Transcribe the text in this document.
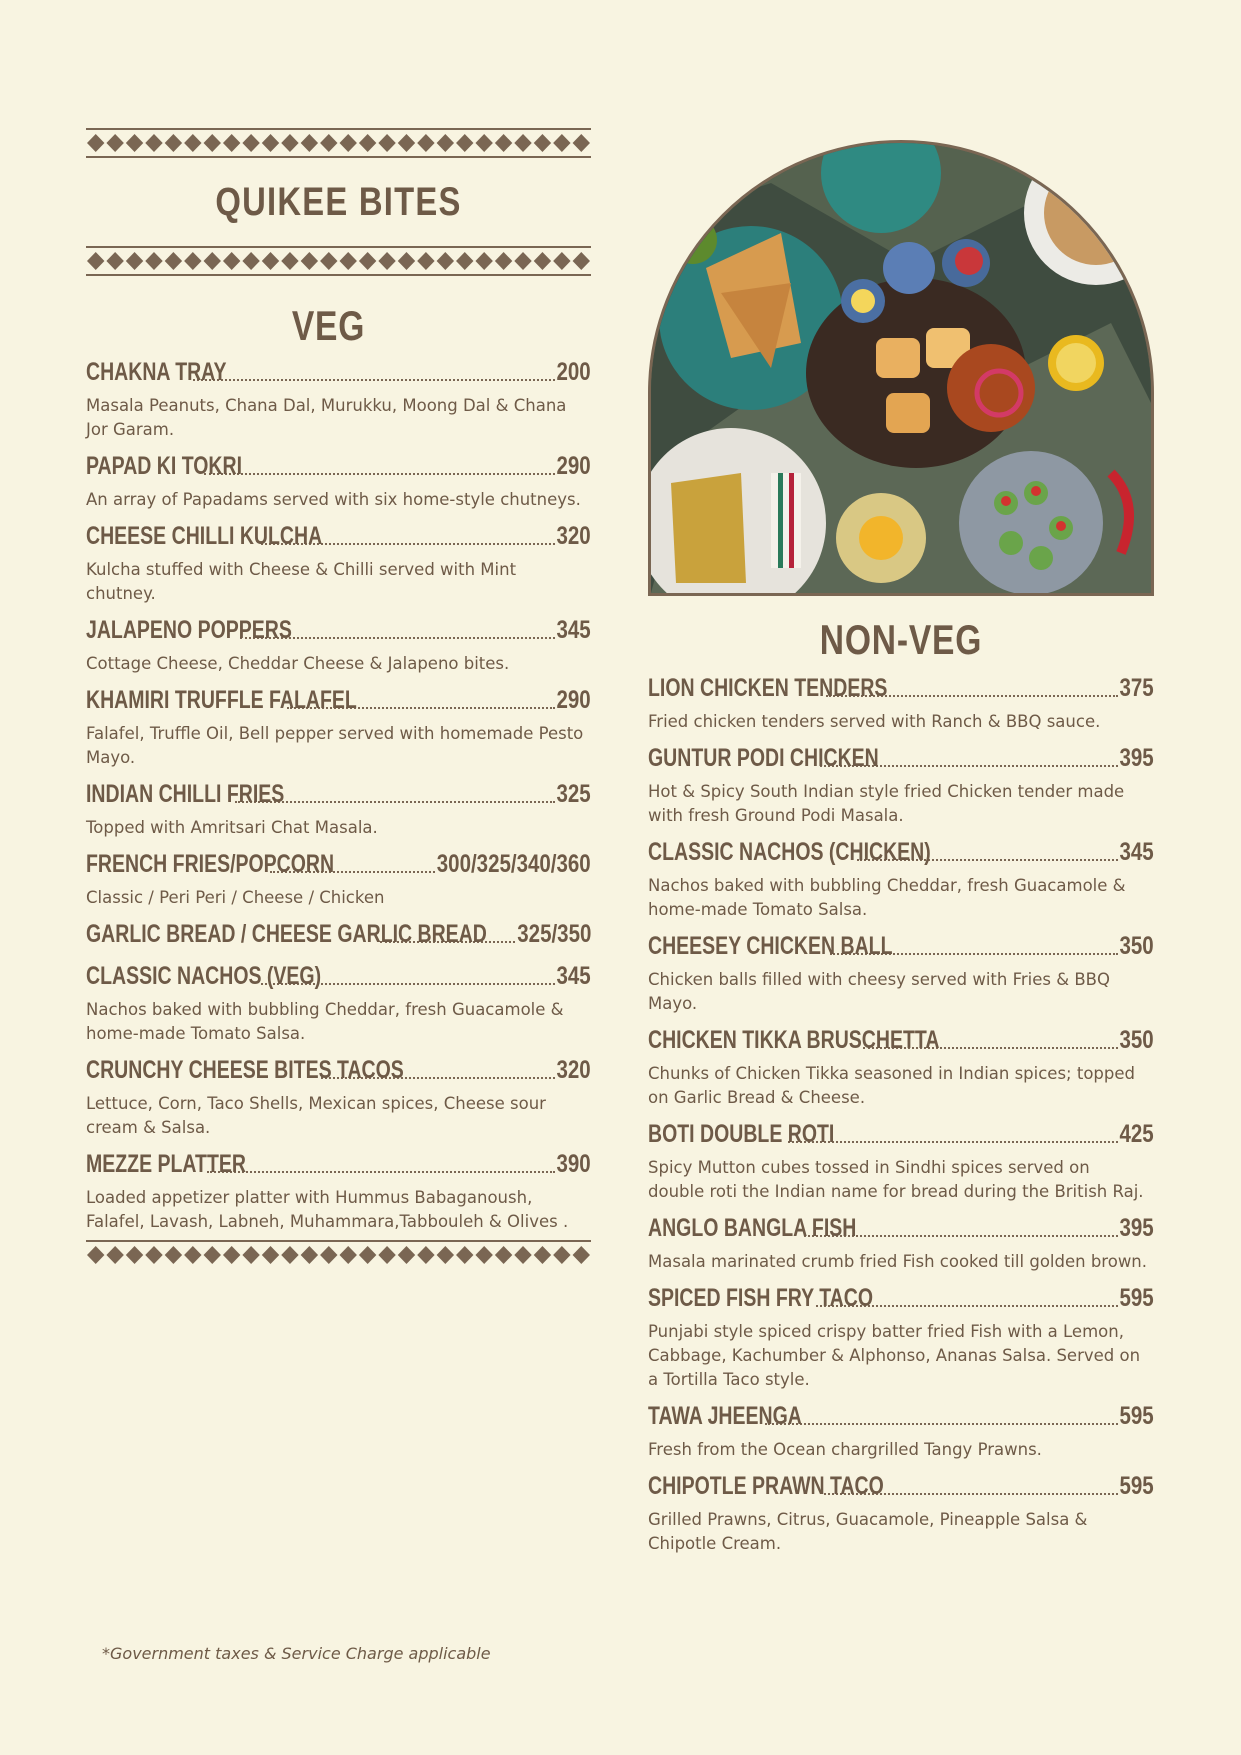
QUIKEE BITES
VEG
CHAKNA TRAY	200
Masala Peanuts, Chana Dal, Murukku, Moong Dal & Chana Jor Garam.
PAPAD KI TOKRI	290
An array of Papadams served with six home-style chutneys.
CHEESE CHILLI KULCHA	320
Kulcha stuffed with Cheese & Chilli served with Mint chutney.
JALAPENO POPPERS	345
Cottage Cheese, Cheddar Cheese & Jalapeno bites.
KHAMIRI TRUFFLE FALAFEL	290
Falafel, Truffle Oil, Bell pepper served with homemade Pesto Mayo.
INDIAN CHILLI FRIES	325
Topped with Amritsari Chat Masala.
FRENCH FRIES/POPCORN	300/325/340/360
Classic / Peri Peri / Cheese / Chicken
GARLIC BREAD / CHEESE GARLIC BREAD 325/350
CLASSIC NACHOS (VEG)	345
Nachos baked with bubbling Cheddar, fresh Guacamole & home-made Tomato Salsa.
CRUNCHY CHEESE BITES TACOS	320
Lettuce, Corn, Taco Shells, Mexican spices, Cheese sour cream & Salsa.
MEZZE PLATTER	390
Loaded appetizer platter with Hummus Babaganoush, Falafel, Lavash, Labneh, Muhammara,Tabbouleh & Olives .
NON-VEG
LION CHICKEN TENDERS	375
Fried chicken tenders served with Ranch & BBQ sauce.
GUNTUR PODI CHICKEN	395
Hot & Spicy South Indian style fried Chicken tender made with fresh Ground Podi Masala.
CLASSIC NACHOS (CHICKEN)	345
Nachos baked with bubbling Cheddar, fresh Guacamole & home-made Tomato Salsa.
CHEESEY CHICKEN BALL	350
Chicken balls filled with cheesy served with Fries & BBQ Mayo.
CHICKEN TIKKA BRUSCHETTA	350
Chunks of Chicken Tikka seasoned in Indian spices; topped on Garlic Bread & Cheese.
BOTI DOUBLE ROTI	425
Spicy Mutton cubes tossed in Sindhi spices served on double roti the Indian name for bread during the British Raj.
ANGLO BANGLA FISH	395
Masala marinated crumb fried Fish cooked till golden brown.
SPICED FISH FRY TACO	595
Punjabi style spiced crispy batter fried Fish with a Lemon, Cabbage, Kachumber & Alphonso, Ananas Salsa. Served on a Tortilla Taco style.
TAWA JHEENGA	595
Fresh from the Ocean chargrilled Tangy Prawns.
CHIPOTLE PRAWN TACO	595
Grilled Prawns, Citrus, Guacamole, Pineapple Salsa & Chipotle Cream.
*Government taxes & Service Charge applicable
